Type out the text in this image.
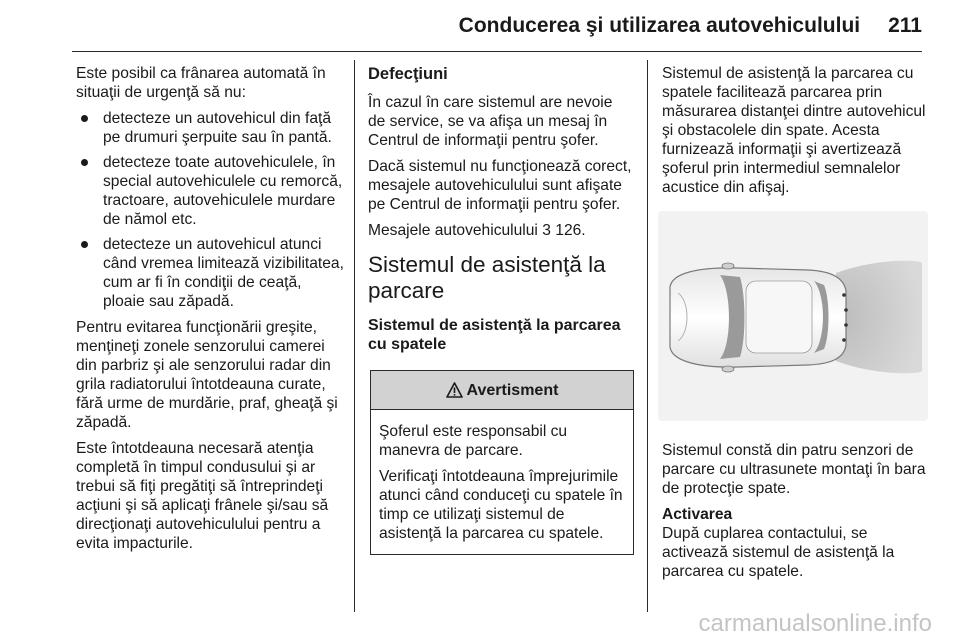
Conducerea şi utilizarea autovehiculului 211

Este posibil ca frânarea automată în situaţii de urgenţă să nu:

detecteze un autovehicul din faţă pe drumuri şerpuite sau în pantă.
detecteze toate autovehiculele, în special autovehiculele cu remorcă, tractoare, autovehiculele murdare de nămol etc.
detecteze un autovehicul atunci când vremea limitează vizibilitatea, cum ar fi în condiţii de ceaţă, ploaie sau zăpadă.

Pentru evitarea funcţionării greşite, menţineţi zonele senzorului camerei din parbriz şi ale senzorului radar din grila radiatorului întotdeauna curate, fără urme de murdărie, praf, gheaţă şi zăpadă.

Este întotdeauna necesară atenţia completă în timpul condusului şi ar trebui să fiţi pregătiţi să întreprindeţi acţiuni şi să aplicaţi frânele şi/sau să direcţionaţi autovehiculului pentru a evita impacturile.

Defecţiuni

În cazul în care sistemul are nevoie de service, se va afişa un mesaj în Centrul de informaţii pentru şofer.

Dacă sistemul nu funcţionează corect, mesajele autovehiculului sunt afişate pe Centrul de informaţii pentru şofer.

Mesajele autovehiculului 3 126.

Sistemul de asistenţă la parcare
Sistemul de asistenţă la parcarea cu spatele
Avertisment

Şoferul este responsabil cu manevra de parcare.

Verificaţi întotdeauna împrejurimile atunci când conduceţi cu spatele în timp ce utilizaţi sistemul de asistenţă la parcarea cu spatele.

Sistemul de asistenţă la parcarea cu spatele facilitează parcarea prin măsurarea distanţei dintre autovehicul şi obstacolele din spate. Acesta furnizează informaţii şi avertizează şoferul prin intermediul semnalelor acustice din afişaj.

Sistemul constă din patru senzori de parcare cu ultrasunete montaţi în bara de protecţie spate.

Activarea

După cuplarea contactului, se activează sistemul de asistenţă la parcarea cu spatele.

carmanualsonline.info
